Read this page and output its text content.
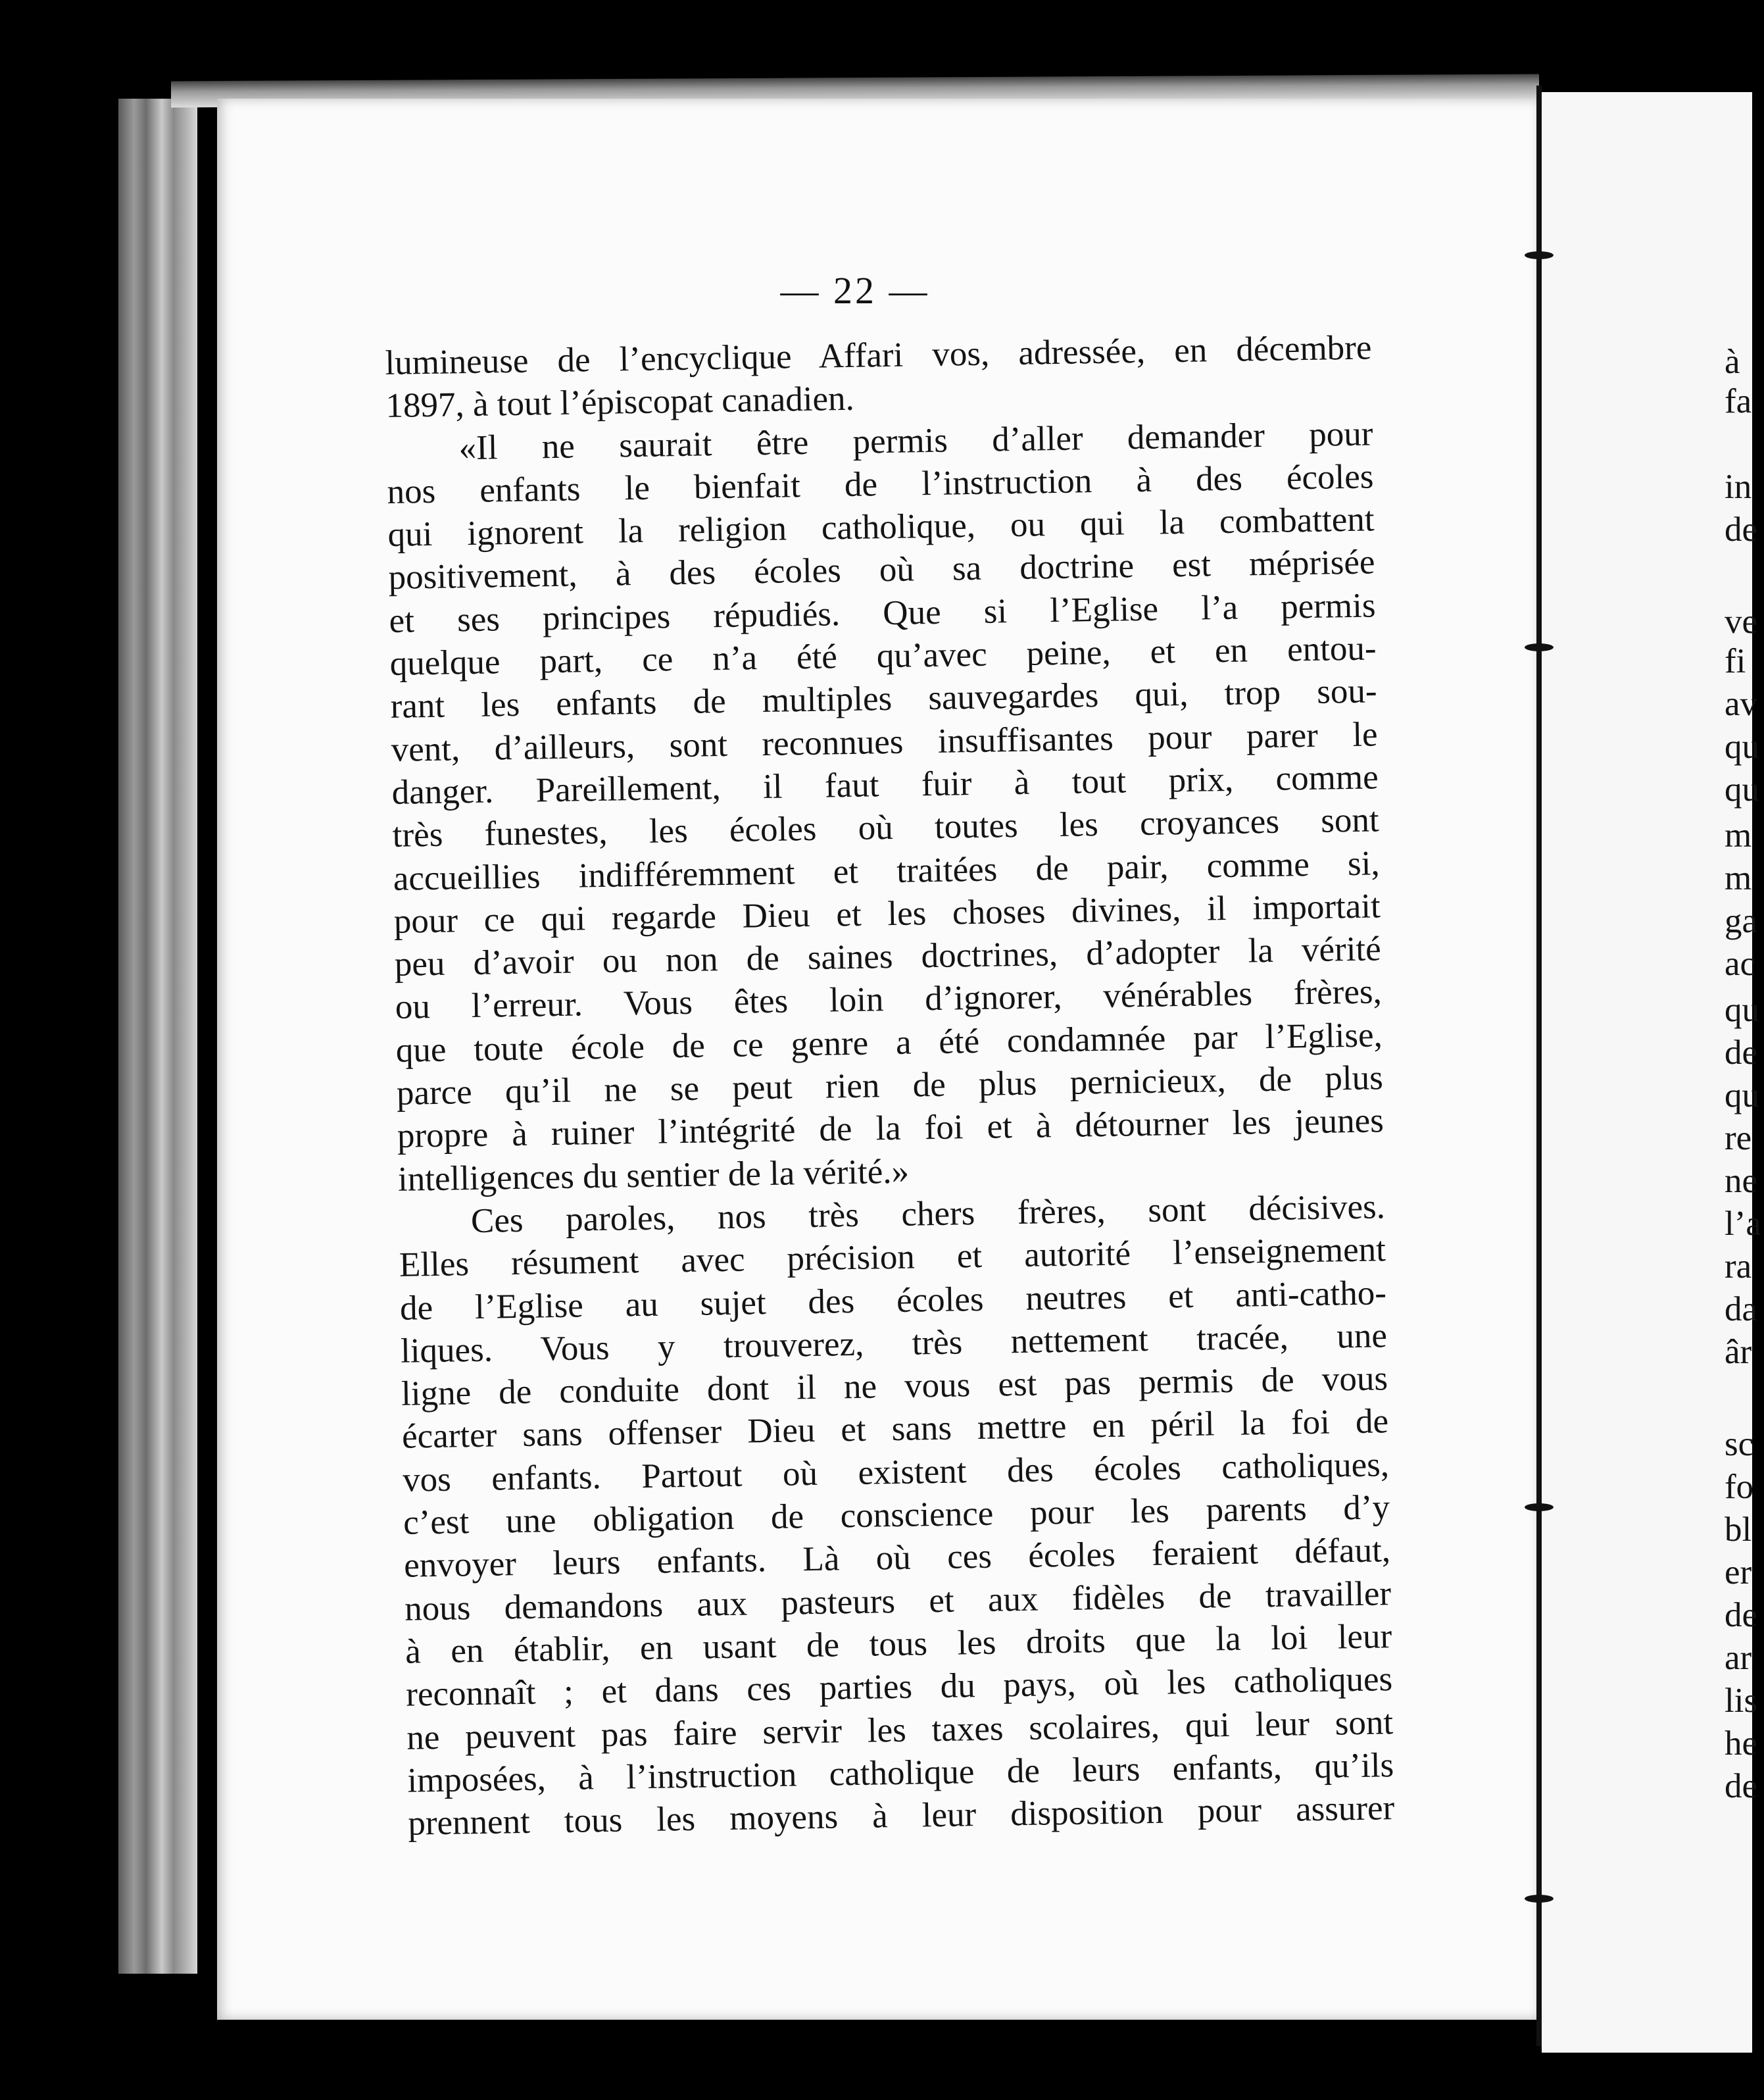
— 22 —
lumineuse de l’encyclique Affari vos, adressée, en décembre
1897, à tout l’épiscopat canadien.
«Il ne saurait être permis d’aller demander pour
nos enfants le bienfait de l’instruction à des écoles
qui ignorent la religion catholique, ou qui la combattent
positivement, à des écoles où sa doctrine est méprisée
et ses principes répudiés. Que si l’Eglise l’a permis
quelque part, ce n’a été qu’avec peine, et en entou-
rant les enfants de multiples sauvegardes qui, trop sou-
vent, d’ailleurs, sont reconnues insuffisantes pour parer le
danger. Pareillement, il faut fuir à tout prix, comme
très funestes, les écoles où toutes les croyances sont
accueillies indifféremment et traitées de pair, comme si,
pour ce qui regarde Dieu et les choses divines, il importait
peu d’avoir ou non de saines doctrines, d’adopter la vérité
ou l’erreur. Vous êtes loin d’ignorer, vénérables frères,
que toute école de ce genre a été condamnée par l’Eglise,
parce qu’il ne se peut rien de plus pernicieux, de plus
propre à ruiner l’intégrité de la foi et à détourner les jeunes
intelligences du sentier de la vérité.»
Ces paroles, nos très chers frères, sont décisives.
Elles résument avec précision et autorité l’enseignement
de l’Eglise au sujet des écoles neutres et anti-catho-
liques. Vous y trouverez, très nettement tracée, une
ligne de conduite dont il ne vous est pas permis de vous
écarter sans offenser Dieu et sans mettre en péril la foi de
vos enfants. Partout où existent des écoles catholiques,
c’est une obligation de conscience pour les parents d’y
envoyer leurs enfants. Là où ces écoles feraient défaut,
nous demandons aux pasteurs et aux fidèles de travailler
à en établir, en usant de tous les droits que la loi leur
reconnaît ; et dans ces parties du pays, où les catholiques
ne peuvent pas faire servir les taxes scolaires, qui leur sont
imposées, à l’instruction catholique de leurs enfants, qu’ils
prennent tous les moyens à leur disposition pour assurer
à
fa
in
de
ve
fi
av
qu
qu
m
m
ga
ac
qu
de
qu
re
ne
l’a
ra
da
âr
sc
fo
bl
er
de
ar
lis
he
de
